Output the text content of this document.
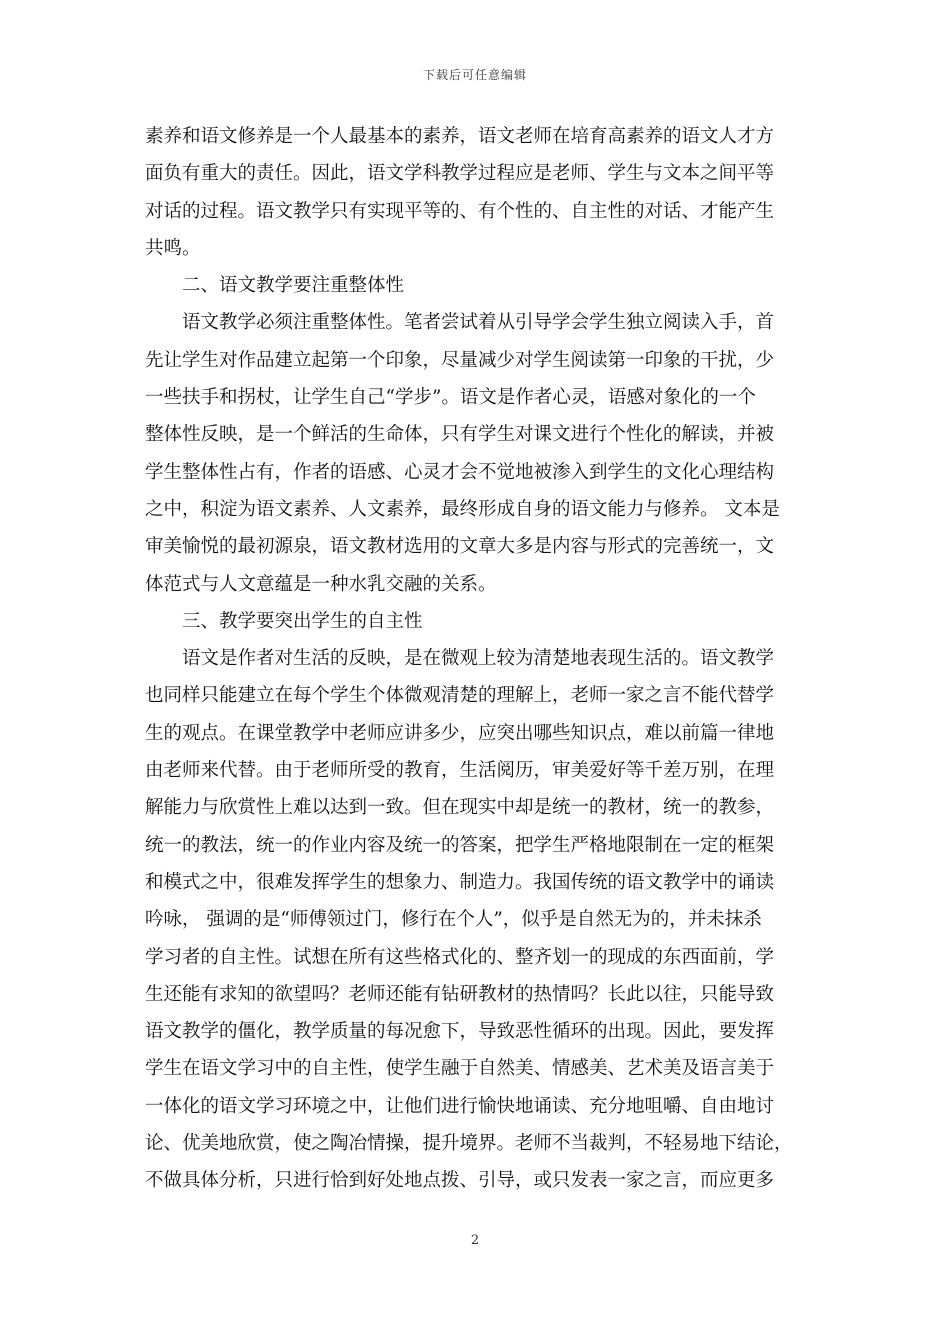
下载后可任意编辑
素养和语文修养是一个人最基本的素养，语文老师在培育高素养的语文人才方
面负有重大的责任。因此，语文学科教学过程应是老师、学生与文本之间平等
对话的过程。语文教学只有实现平等的、有个性的、自主性的对话、才能产生
共鸣。
二、语文教学要注重整体性
语文教学必须注重整体性。笔者尝试着从引导学会学生独立阅读入手，首
先让学生对作品建立起第一个印象，尽量减少对学生阅读第一印象的干扰，少
一些扶手和拐杖，让学生自己“学步”。语文是作者心灵，语感对象化的一个
整体性反映，是一个鲜活的生命体，只有学生对课文进行个性化的解读，并被
学生整体性占有，作者的语感、心灵才会不觉地被渗入到学生的文化心理结构
之中，积淀为语文素养、人文素养，最终形成自身的语文能力与修养。 文本是
审美愉悦的最初源泉，语文教材选用的文章大多是内容与形式的完善统一，文
体范式与人文意蕴是一种水乳交融的关系。
三、教学要突出学生的自主性
语文是作者对生活的反映，是在微观上较为清楚地表现生活的。语文教学
也同样只能建立在每个学生个体微观清楚的理解上，老师一家之言不能代替学
生的观点。在课堂教学中老师应讲多少，应突出哪些知识点，难以前篇一律地
由老师来代替。由于老师所受的教育，生活阅历，审美爱好等千差万别，在理
解能力与欣赏性上难以达到一致。但在现实中却是统一的教材，统一的教参，
统一的教法，统一的作业内容及统一的答案，把学生严格地限制在一定的框架
和模式之中，很难发挥学生的想象力、制造力。我国传统的语文教学中的诵读
吟咏， 强调的是“师傅领过门，修行在个人”，似乎是自然无为的，并未抹杀
学习者的自主性。试想在所有这些格式化的、整齐划一的现成的东西面前，学
生还能有求知的欲望吗？老师还能有钻研教材的热情吗？长此以往，只能导致
语文教学的僵化，教学质量的每况愈下，导致恶性循环的出现。因此，要发挥
学生在语文学习中的自主性，使学生融于自然美、情感美、艺术美及语言美于
一体化的语文学习环境之中，让他们进行愉快地诵读、充分地咀嚼、自由地讨
论、优美地欣赏，使之陶冶情操，提升境界。老师不当裁判，不轻易地下结论，
不做具体分析，只进行恰到好处地点拨、引导，或只发表一家之言，而应更多
2
